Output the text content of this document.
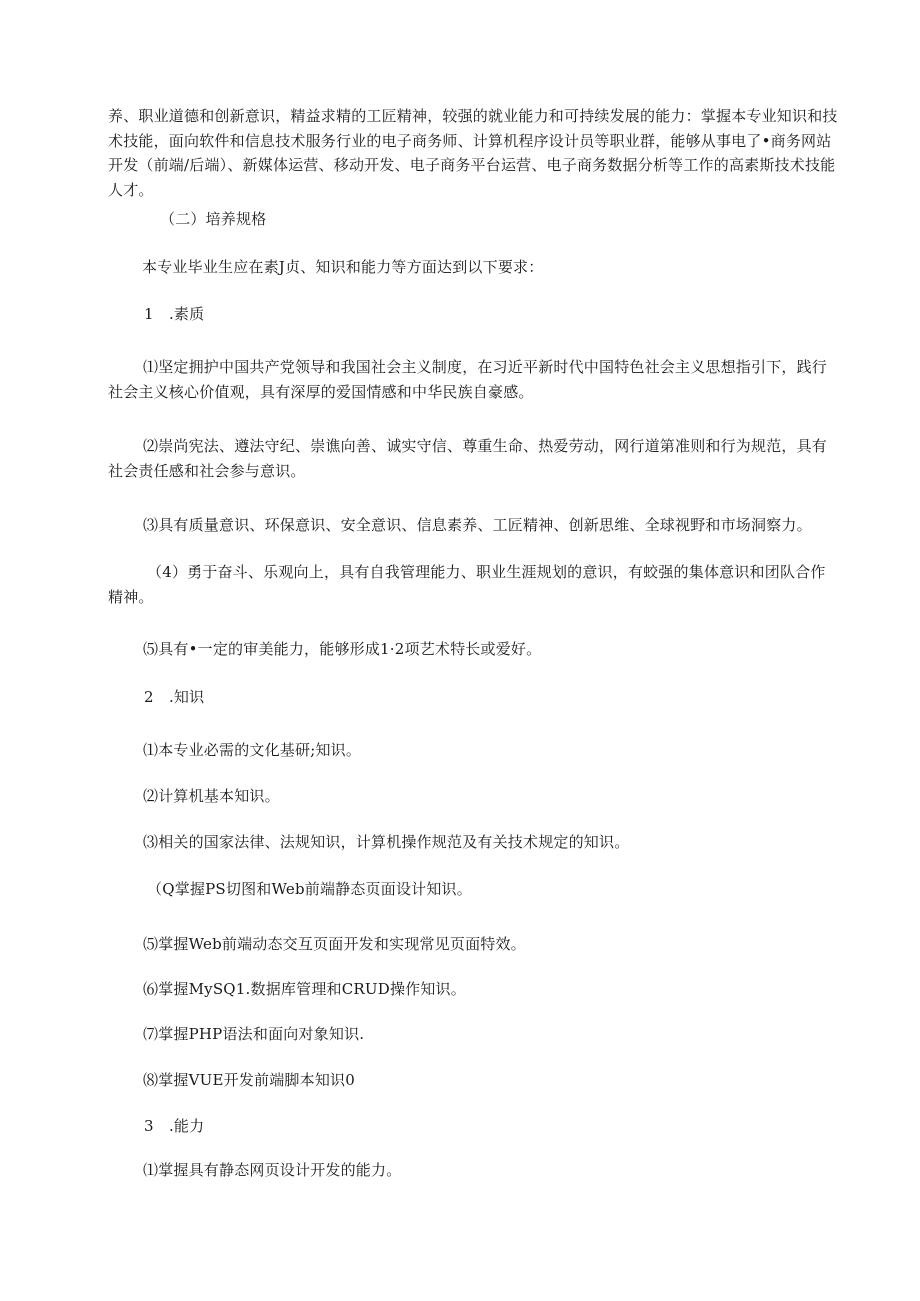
养、职业道德和创新意识，精益求精的工匠精神，较强的就业能力和可持续发展的能力：掌握本专业知识和技术技能，面向软件和信息技术服务行业的电子商务师、计算机程序设计员等职业群，能够从事电了•商务网站开发（前端/后端）、新媒体运营、移动开发、电子商务平台运营、电子商务数据分析等工作的高素斯技术技能人才。
（二）培养规格
本专业毕业生应在素J贞、知识和能力等方面达到以下要求：
1　.素质
⑴坚定拥护中国共产党领导和我国社会主义制度，在习近平新时代中国特色社会主义思想指引下，践行社会主义核心价值观，具有深厚的爱国情感和中华民族自豪感。
⑵崇尚宪法、遵法守纪、崇谯向善、诚实守信、尊重生命、热爱劳动，网行道第准则和行为规范，具有社会责任感和社会参与意识。
⑶具有质量意识、环保意识、安全意识、信息素养、工匠精神、创新思维、全球视野和市场洞察力。
（4）勇于奋斗、乐观向上，具有自我管理能力、职业生涯规划的意识，有蛟强的集体意识和团队合作精神。
⑸具有•一定的审美能力，能够形成1·2项艺术特长或爱好。
2　.知识
⑴本专业必需的文化基研;知识。
⑵计算机基本知识。
⑶相关的国家法律、法规知识，计算机操作规范及有关技术规定的知识。
（Q掌握PS切图和Web前端静态页面设计知识。
⑸掌握Web前端动态交互页面开发和实现常见页面特效。
⑹掌握MySQ1.数据库管理和CRUD操作知识。
⑺掌握PHP语法和面向对象知识.
⑻掌握VUE开发前端脚本知识0
3　.能力
⑴掌握具有静态网页设计开发的能力。
